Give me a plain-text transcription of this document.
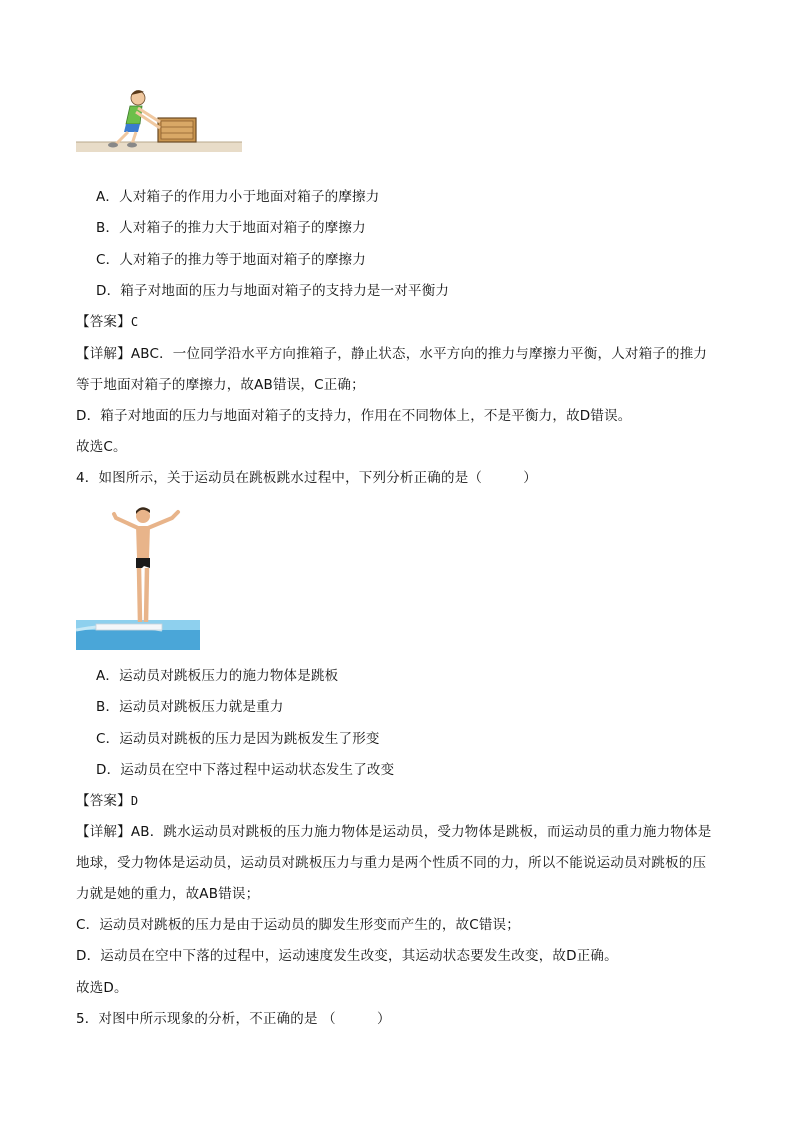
A．人对箱子的作用力小于地面对箱子的摩擦力
B．人对箱子的推力大于地面对箱子的摩擦力
C．人对箱子的推力等于地面对箱子的摩擦力
D．箱子对地面的压力与地面对箱子的支持力是一对平衡力
【答案】C
【详解】ABC．一位同学沿水平方向推箱子，静止状态，水平方向的推力与摩擦力平衡，人对箱子的推力
等于地面对箱子的摩擦力，故AB错误，C正确；
D．箱子对地面的压力与地面对箱子的支持力，作用在不同物体上，不是平衡力，故D错误。
故选C。
4．如图所示，关于运动员在跳板跳水过程中，下列分析正确的是（　　　）
A．运动员对跳板压力的施力物体是跳板
B．运动员对跳板压力就是重力
C．运动员对跳板的压力是因为跳板发生了形变
D．运动员在空中下落过程中运动状态发生了改变
【答案】D
【详解】AB．跳水运动员对跳板的压力施力物体是运动员，受力物体是跳板，而运动员的重力施力物体是
地球，受力物体是运动员，运动员对跳板压力与重力是两个性质不同的力，所以不能说运动员对跳板的压
力就是她的重力，故AB错误；
C．运动员对跳板的压力是由于运动员的脚发生形变而产生的，故C错误；
D．运动员在空中下落的过程中，运动速度发生改变，其运动状态要发生改变，故D正确。
故选D。
5．对图中所示现象的分析，不正确的是 （　　　）
